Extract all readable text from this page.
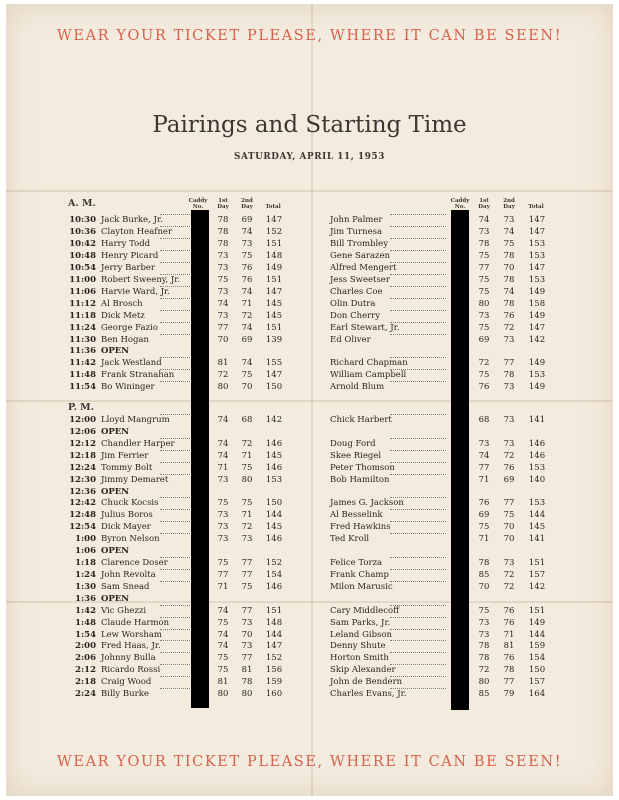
WEAR YOUR TICKET PLEASE, WHERE IT CAN BE SEEN!
Pairings and Starting Time
SATURDAY, APRIL 11, 1953
Caddy
No.
1st
Day
2nd
Day	Total
Caddy
No.
1st
Day
2nd
Day	Total
A. M.
P. M.
10:30 Jack Burke, Jr.	78	69	147	John Palmer	74	73	147
10:36 Clayton Heafner	78	74	152	Jim Turnesa	73	74	147
10:42 Harry Todd	78	73	151	Bill Trombley	78	75	153
10:48 Henry Picard	73	75	148	Gene Sarazen	75	78	153
10:54 Jerry Barber	73	76	149	Alfred Mengert	77	70	147
11:00 Robert Sweeny, Jr.	75	76	151	Jess Sweetser	75	78	153
11:06 Harvie Ward, Jr.	73	74	147	Charles Coe	75	74	149
11:12 Al Brosch	74	71	145	Olin Dutra	80	78	158
11:18 Dick Metz	73	72	145	Don Cherry	73	76	149
11:24 George Fazio	77	74	151	Earl Stewart, Jr.	75	72	147
11:30 Ben Hogan	70	69	139	Ed Oliver	69	73	142
11:36 OPEN
11:42 Jack Westland	81	74	155	Richard Chapman	72	77	149
11:48 Frank Stranahan	72	75	147	William Campbell	75	78	153
11:54 Bo Wininger	80	70	150	Arnold Blum	76	73	149
12:00 Lloyd Mangrum	74	68	142	Chick Harbert	68	73	141
12:06 OPEN
12:12 Chandler Harper	74	72	146	Doug Ford	73	73	146
12:18 Jim Ferrier	74	71	145	Skee Riegel	74	72	146
12:24 Tommy Bolt	71	75	146	Peter Thomson	77	76	153
12:30 Jimmy Demaret	73	80	153	Bob Hamilton	71	69	140
12:36 OPEN
12:42 Chuck Kocsis	75	75	150	James G. Jackson	76	77	153
12:48 Julius Boros	73	71	144	Al Besselink	69	75	144
12:54 Dick Mayer	73	72	145	Fred Hawkins	75	70	145
1:00 Byron Nelson	73	73	146	Ted Kroll	71	70	141
1:06 OPEN
1:18 Clarence Doser	75	77	152	Felice Torza	78	73	151
1:24 John Revolta	77	77	154	Frank Champ	85	72	157
1:30 Sam Snead	71	75	146	Milon Marusic	70	72	142
1:36 OPEN
1:42 Vic Ghezzi	74	77	151	Cary Middlecoff	75	76	151
1:48 Claude Harmon	75	73	148	Sam Parks, Jr.	73	76	149
1:54 Lew Worsham	74	70	144	Leland Gibson	73	71	144
2:00 Fred Haas, Jr.	74	73	147	Denny Shute	78	81	159
2:06 Johnny Bulla	75	77	152	Horton Smith	78	76	154
2:12 Ricardo Rossi	75	81	156	Skip Alexander	72	78	150
2:18 Craig Wood	81	78	159	John de Bendern	80	77	157
2:24 Billy Burke	80	80	160	Charles Evans, Jr.	85	79	164
WEAR YOUR TICKET PLEASE, WHERE IT CAN BE SEEN!
